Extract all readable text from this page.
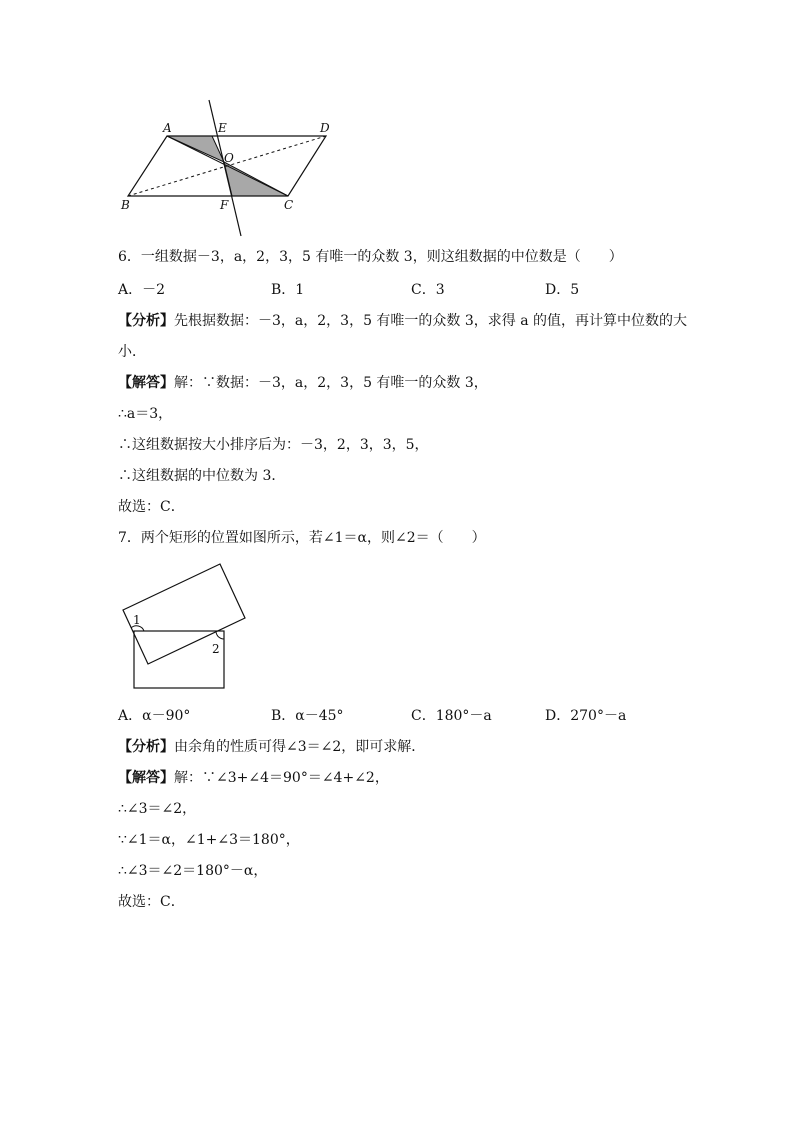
A	E	D
O
B	F	C
6．一组数据－3，a，2，3，5 有唯一的众数 3，则这组数据的中位数是（　　）
A．－2	B．1	C．3	D．5
【分析】先根据数据：－3，a，2，3，5 有唯一的众数 3，求得 a 的值，再计算中位数的大
小．
【解答】解：∵数据：－3，a，2，3，5 有唯一的众数 3，
∴a＝3，
∴这组数据按大小排序后为：－3，2，3，3，5，
∴这组数据的中位数为 3．
故选：C．
7．两个矩形的位置如图所示，若∠1＝α，则∠2＝（　　）
1
2
A．α－90°	B．α－45°	C．180°－a	D．270°－a
【分析】由余角的性质可得∠3＝∠2，即可求解．
【解答】解：∵∠3+∠4＝90°＝∠4+∠2，
∴∠3＝∠2，
∵∠1＝α，∠1+∠3＝180°，
∴∠3＝∠2＝180°－α，
故选：C．
